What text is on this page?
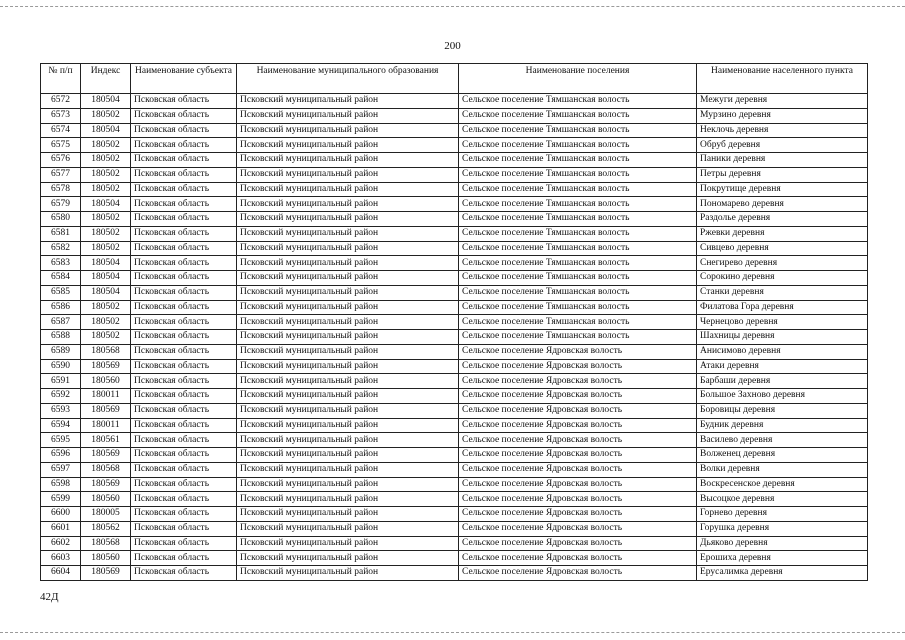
200
№ п/п	Индекс	Наименование субъекта	Наименование муниципального образования	Наименование поселения	Наименование населенного пункта
6572	180504	Псковская область	Псковский муниципальный район	Сельское поселение Тямшанская волость	Межуги деревня
6573	180502	Псковская область	Псковский муниципальный район	Сельское поселение Тямшанская волость	Мурзино деревня
6574	180504	Псковская область	Псковский муниципальный район	Сельское поселение Тямшанская волость	Неклочь деревня
6575	180502	Псковская область	Псковский муниципальный район	Сельское поселение Тямшанская волость	Обруб деревня
6576	180502	Псковская область	Псковский муниципальный район	Сельское поселение Тямшанская волость	Паники деревня
6577	180502	Псковская область	Псковский муниципальный район	Сельское поселение Тямшанская волость	Петры деревня
6578	180502	Псковская область	Псковский муниципальный район	Сельское поселение Тямшанская волость	Покрутище деревня
6579	180504	Псковская область	Псковский муниципальный район	Сельское поселение Тямшанская волость	Пономарево деревня
6580	180502	Псковская область	Псковский муниципальный район	Сельское поселение Тямшанская волость	Раздолье деревня
6581	180502	Псковская область	Псковский муниципальный район	Сельское поселение Тямшанская волость	Ржевки деревня
6582	180502	Псковская область	Псковский муниципальный район	Сельское поселение Тямшанская волость	Сивцево деревня
6583	180504	Псковская область	Псковский муниципальный район	Сельское поселение Тямшанская волость	Снегирево деревня
6584	180504	Псковская область	Псковский муниципальный район	Сельское поселение Тямшанская волость	Сорокино деревня
6585	180504	Псковская область	Псковский муниципальный район	Сельское поселение Тямшанская волость	Станки деревня
6586	180502	Псковская область	Псковский муниципальный район	Сельское поселение Тямшанская волость	Филатова Гора деревня
6587	180502	Псковская область	Псковский муниципальный район	Сельское поселение Тямшанская волость	Чернецово деревня
6588	180502	Псковская область	Псковский муниципальный район	Сельское поселение Тямшанская волость	Шахницы деревня
6589	180568	Псковская область	Псковский муниципальный район	Сельское поселение Ядровская волость	Анисимово деревня
6590	180569	Псковская область	Псковский муниципальный район	Сельское поселение Ядровская волость	Атаки деревня
6591	180560	Псковская область	Псковский муниципальный район	Сельское поселение Ядровская волость	Барбаши деревня
6592	180011	Псковская область	Псковский муниципальный район	Сельское поселение Ядровская волость	Большое Захново деревня
6593	180569	Псковская область	Псковский муниципальный район	Сельское поселение Ядровская волость	Боровицы деревня
6594	180011	Псковская область	Псковский муниципальный район	Сельское поселение Ядровская волость	Будник деревня
6595	180561	Псковская область	Псковский муниципальный район	Сельское поселение Ядровская волость	Василево деревня
6596	180569	Псковская область	Псковский муниципальный район	Сельское поселение Ядровская волость	Волженец деревня
6597	180568	Псковская область	Псковский муниципальный район	Сельское поселение Ядровская волость	Волки деревня
6598	180569	Псковская область	Псковский муниципальный район	Сельское поселение Ядровская волость	Воскресенское деревня
6599	180560	Псковская область	Псковский муниципальный район	Сельское поселение Ядровская волость	Высоцкое деревня
6600	180005	Псковская область	Псковский муниципальный район	Сельское поселение Ядровская волость	Горнево деревня
6601	180562	Псковская область	Псковский муниципальный район	Сельское поселение Ядровская волость	Горушка деревня
6602	180568	Псковская область	Псковский муниципальный район	Сельское поселение Ядровская волость	Дьяково деревня
6603	180560	Псковская область	Псковский муниципальный район	Сельское поселение Ядровская волость	Ерошиха деревня
6604	180569	Псковская область	Псковский муниципальный район	Сельское поселение Ядровская волость	Ерусалимка деревня
42Д
